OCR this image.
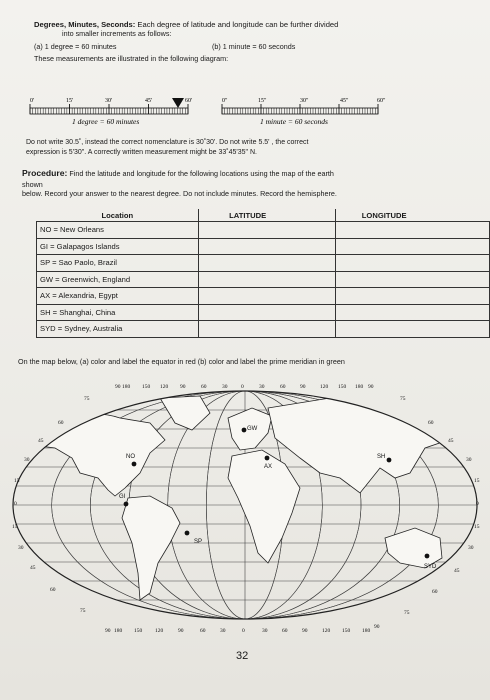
Degrees, Minutes, Seconds: Each degree of latitude and longitude can be further divided
into smaller increments as follows:
(a) 1 degree = 60 minutes	(b) 1 minute = 60 seconds
These measurements are illustrated in the following diagram:
0'	15'	30'	45'	60'
1 degree = 60 minutes
0"	15"	30"	45"	60"
1 minute = 60 seconds
Do not write 30.5˚, instead the correct nomenclature is 30˚30'. Do not write 5.5' , the correct
expression is 5'30". A correctly written measurement might be 33˚45'35" N.
Procedure: Find the latitude and longitude for the following locations using the map of the earth
shown
below. Record your answer to the nearest degree. Do not include minutes. Record the hemisphere.
Location	LATITUDE	LONGITUDE
NO = New Orleans		
GI = Galapagos Islands		
SP = Sao Paolo, Brazil		
GW = Greenwich, England		
AX = Alexandria, Egypt		
SH = Shanghai, China		
SYD = Sydney, Australia		
On the map below, (a) color and label the equator in red (b) color and label the prime meridian in green
90 180 150 120 90	60	30 0	30	60	90	120 150 180 90
90 180 150 120	90	60	30	0	30	60	90	120 150 180
90
75
60
45
30
15
0
15
30
45
60
75
75
60
45
30
15
0
15
30
45
60
75
NO
GI
SP
GW
AX
SH
SYD
32
